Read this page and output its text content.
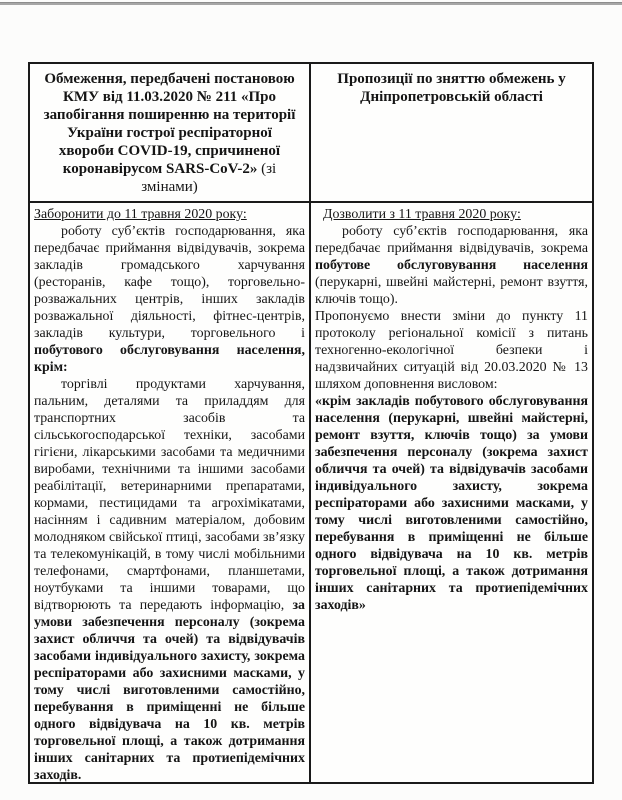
Обмеження, передбачені постановою КМУ від 11.03.2020 № 211 «Про запобігання поширенню на території України гострої респіраторної хвороби COVID-19, спричиненої коронавірусом SARS-CoV-2» (зі змінами)
Пропозиції по зняттю обмежень у Дніпропетровській області

Заборонити до 11 травня 2020 року:

роботу суб’єктів господарювання, яка передбачає приймання відвідувачів, зокрема закладів громадського харчування (ресторанів, кафе тощо), торговельно-розважальних центрів, інших закладів розважальної діяльності, фітнес-центрів, закладів культури, торговельного і побутового обслуговування населення, крім:

торгівлі продуктами харчування, пальним, деталями та приладдям для транспортних засобів та сільськогосподарської техніки, засобами гігієни, лікарськими засобами та медичними виробами, технічними та іншими засобами реабілітації, ветеринарними препаратами, кормами, пестицидами та агрохімікатами, насінням і садивним матеріалом, добовим молодняком свійської птиці, засобами зв’язку та телекомунікацій, в тому числі мобільними телефонами, смартфонами, планшетами, ноутбуками та іншими товарами, що відтворюють та передають інформацію, за умови забезпечення персоналу (зокрема захист обличчя та очей) та відвідувачів засобами індивідуального захисту, зокрема респіраторами або захисними масками, у тому числі виготовленими самостійно, перебування в приміщенні не більше одного відвідувача на 10 кв. метрів торговельної площі, а також дотримання інших санітарних та протиепідемічних заходів.

Дозволити з 11 травня 2020 року:

роботу суб’єктів господарювання, яка передбачає приймання відвідувачів, зокрема побутове обслуговування населення (перукарні, швейні майстерні, ремонт взуття, ключів тощо).

Пропонуємо внести зміни до пункту 11 протоколу регіональної комісії з питань техногенно-екологічної безпеки і надзвичайних ситуацій від 20.03.2020 № 13 шляхом доповнення висловом:

«крім закладів побутового обслуговування населення (перукарні, швейні майстерні, ремонт взуття, ключів тощо) за умови забезпечення персоналу (зокрема захист обличчя та очей) та відвідувачів засобами індивідуального захисту, зокрема респіраторами або захисними масками, у тому числі виготовленими самостійно, перебування в приміщенні не більше одного відвідувача на 10 кв. метрів торговельної площі, а також дотримання інших санітарних та протиепідемічних заходів»
